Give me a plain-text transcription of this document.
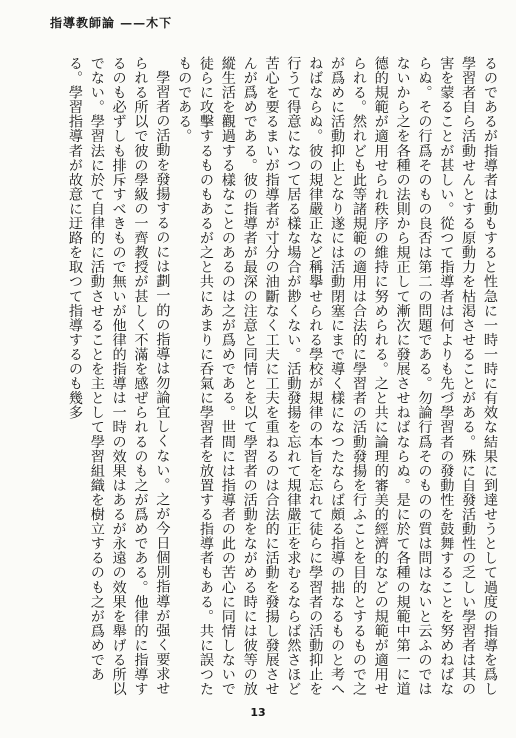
指導教師論 ——木下

るのであるが指導者は動もすると性急に一時一時に有效な結果に到達せうとして過度の指導を爲し學習者自ら活動せんとする原動力を枯渇させることがある。殊に自發活動性の乏しい學習者は其の害を蒙ることが甚しい。從つて指導者は何よりも先づ學習者の發動性を鼓舞することを努めねばならぬ。その行爲そのもの良否は第二の問題である。勿論行爲そのものの質は問はないと云ふのではないから之を各種の法則から規正して漸次に發展させねばならぬ。是に於て各種の規範中第一に道德的規範が適用せられ秩序の維持に努められる。之と共に論理的審美的經濟的などの規範が適用せられる。然れども此等諸規範の適用は合法的に學習者の活動發揚を行ふことを目的とするもので之が爲めに活動抑止となり遂には活動閉塞にまで導く樣になつたならば頗る指導の拙なるものと考へねばならぬ。彼の規律嚴正など稱擧せられる學校が規律の本旨を忘れて徒らに學習者の活動抑止を行うて得意になつて居る樣な場合が尠くない。活動發揚を忘れて規律嚴正を求むるならば然さほど苦心を要るまいが指導者が寸分の油斷なく工夫に工夫を重ねるのは合法的に活動を發揚し發展させんが爲めである。彼の指導者が最深の注意と同情とを以て學習者の活動をながめる時には彼等の放縱生活を觀過する樣なことのあるのは之が爲めである。世間には指導者の此の苦心に同情しないで徒らに攻擊するものもあるが之と共にあまりに呑氣に學習者を放置する指導者もある。共に誤つたものである。

學習者の活動を發揚するのには劃一的の指導は勿論宜しくない。之が今日個別指導が强く要求せられる所以で彼の學級の一齊教授が甚しく不滿を感ぜられるのも之が爲めである。他律的に指導するのも必ずしも排斥すべきもので無いが他律的指導は一時の效果はあるが永遠の效果を舉げる所以でない。學習法に於て自律的に活動させることを主として學習組織を樹立するのも之が爲めである。學習指導者が故意に迂路を取つて指導するのも幾多

13
